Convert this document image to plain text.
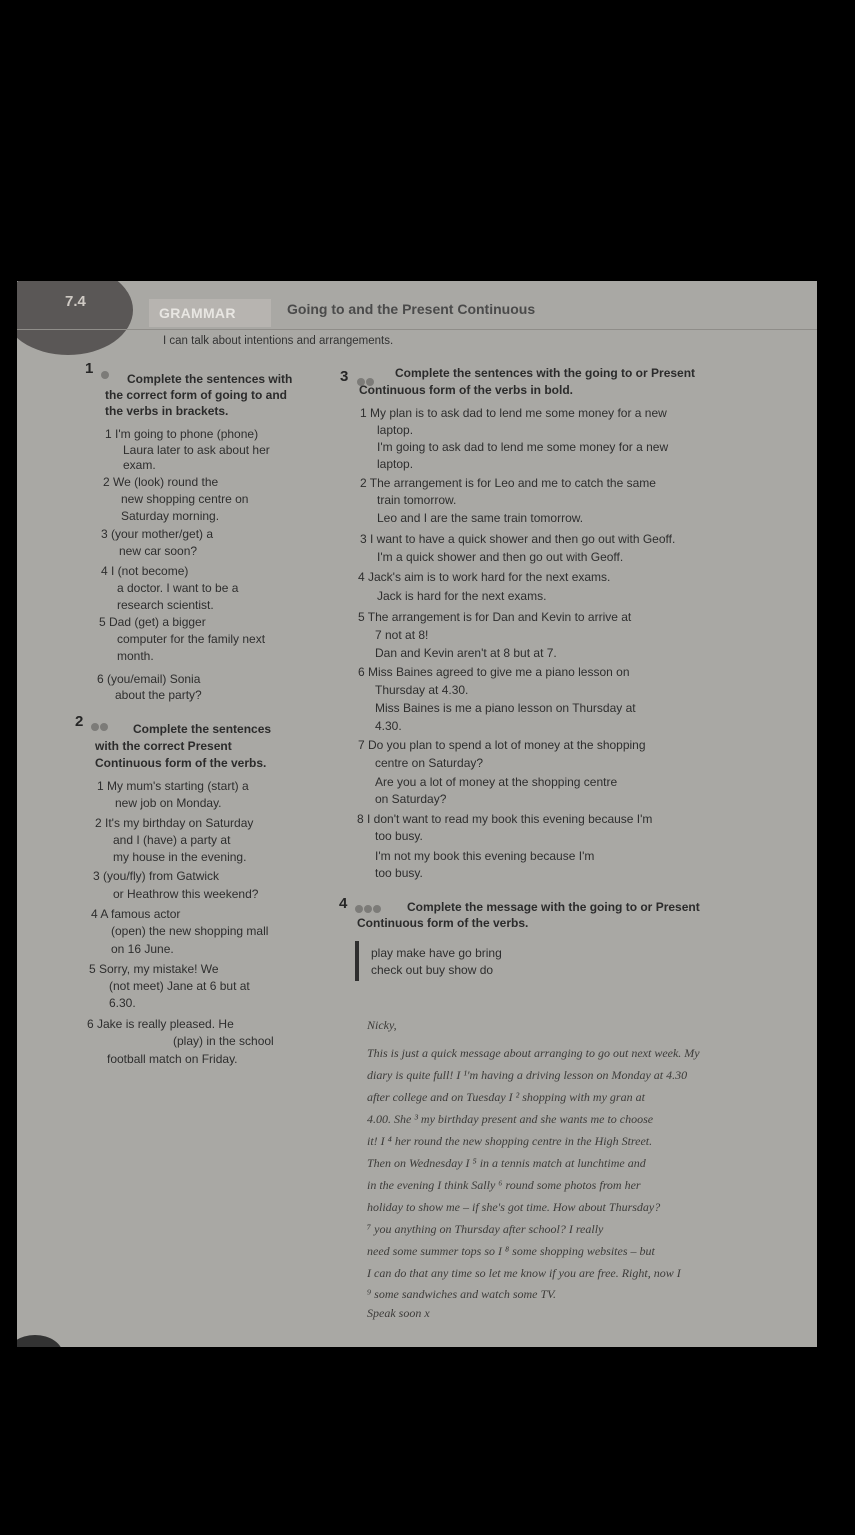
7.4
GRAMMAR	Going to and the Present Continuous
I can talk about intentions and arrangements.
1
Complete the sentences with
the correct form of going to and
the verbs in brackets.
1 I'm going to phone (phone)
Laura later to ask about her
exam.
2 We (look) round the
new shopping centre on
Saturday morning.
3 (your mother/get) a
new car soon?
4 I (not become)
a doctor. I want to be a
research scientist.
5 Dad (get) a bigger
computer for the family next
month.
6 (you/email) Sonia
about the party?
2	Complete the sentences
with the correct Present
Continuous form of the verbs.
1 My mum's starting (start) a
new job on Monday.
2 It's my birthday on Saturday
and I (have) a party at
my house in the evening.
3 (you/fly) from Gatwick
or Heathrow this weekend?
4 A famous actor
(open) the new shopping mall
on 16 June.
5 Sorry, my mistake! We
(not meet) Jane at 6 but at
6.30.
6 Jake is really pleased. He
(play) in the school
football match on Friday.
3	Complete the sentences with the going to or Present
Continuous form of the verbs in bold.
1 My plan is to ask dad to lend me some money for a new
laptop.
I'm going to ask dad to lend me some money for a new
laptop.
2 The arrangement is for Leo and me to catch the same
train tomorrow.
Leo and I are the same train tomorrow.
3 I want to have a quick shower and then go out with Geoff.
I'm a quick shower and then go out with Geoff.
4 Jack's aim is to work hard for the next exams.
Jack is hard for the next exams.
5 The arrangement is for Dan and Kevin to arrive at
7 not at 8!
Dan and Kevin aren't at 8 but at 7.
6 Miss Baines agreed to give me a piano lesson on
Thursday at 4.30.
Miss Baines is me a piano lesson on Thursday at
4.30.
7 Do you plan to spend a lot of money at the shopping
centre on Saturday?
Are you a lot of money at the shopping centre
on Saturday?
8 I don't want to read my book this evening because I'm
too busy.
I'm not my book this evening because I'm
too busy.
4	Complete the message with the going to or Present
Continuous form of the verbs.
play make have go bring
check out buy show do
Nicky,
This is just a quick message about arranging to go out next week. My
diary is quite full! I ¹'m having a driving lesson on Monday at 4.30
after college and on Tuesday I ² shopping with my gran at
4.00. She ³ my birthday present and she wants me to choose
it! I ⁴ her round the new shopping centre in the High Street.
Then on Wednesday I ⁵ in a tennis match at lunchtime and
in the evening I think Sally ⁶ round some photos from her
holiday to show me – if she's got time. How about Thursday?
⁷ you anything on Thursday after school? I really
need some summer tops so I ⁸ some shopping websites – but
I can do that any time so let me know if you are free. Right, now I
⁹ some sandwiches and watch some TV.
Speak soon x
